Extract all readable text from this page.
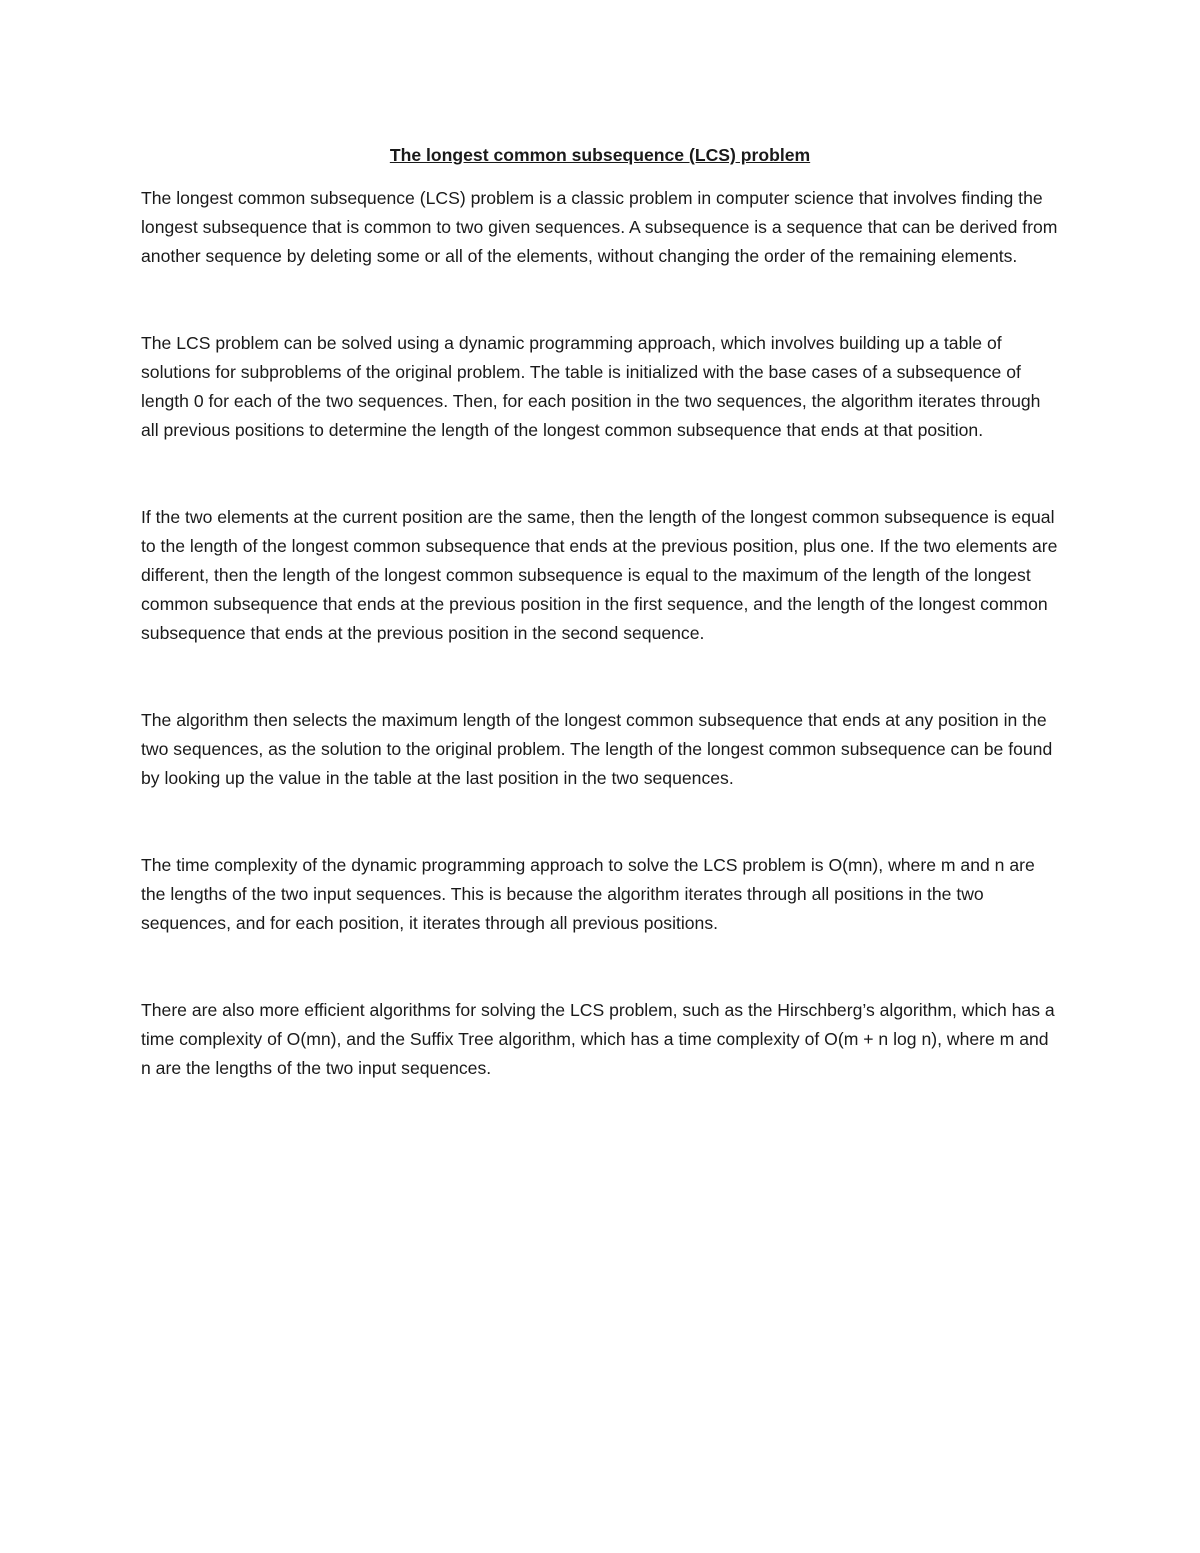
The longest common subsequence (LCS) problem

The longest common subsequence (LCS) problem is a classic problem in computer science that involves finding the longest subsequence that is common to two given sequences. A subsequence is a sequence that can be derived from another sequence by deleting some or all of the elements, without changing the order of the remaining elements.

The LCS problem can be solved using a dynamic programming approach, which involves building up a table of solutions for subproblems of the original problem. The table is initialized with the base cases of a subsequence of length 0 for each of the two sequences. Then, for each position in the two sequences, the algorithm iterates through all previous positions to determine the length of the longest common subsequence that ends at that position.

If the two elements at the current position are the same, then the length of the longest common subsequence is equal to the length of the longest common subsequence that ends at the previous position, plus one. If the two elements are different, then the length of the longest common subsequence is equal to the maximum of the length of the longest common subsequence that ends at the previous position in the first sequence, and the length of the longest common subsequence that ends at the previous position in the second sequence.

The algorithm then selects the maximum length of the longest common subsequence that ends at any position in the two sequences, as the solution to the original problem. The length of the longest common subsequence can be found by looking up the value in the table at the last position in the two sequences.

The time complexity of the dynamic programming approach to solve the LCS problem is O(mn), where m and n are the lengths of the two input sequences. This is because the algorithm iterates through all positions in the two sequences, and for each position, it iterates through all previous positions.

There are also more efficient algorithms for solving the LCS problem, such as the Hirschberg’s algorithm, which has a time complexity of O(mn), and the Suffix Tree algorithm, which has a time complexity of O(m + n log n), where m and n are the lengths of the two input sequences.
